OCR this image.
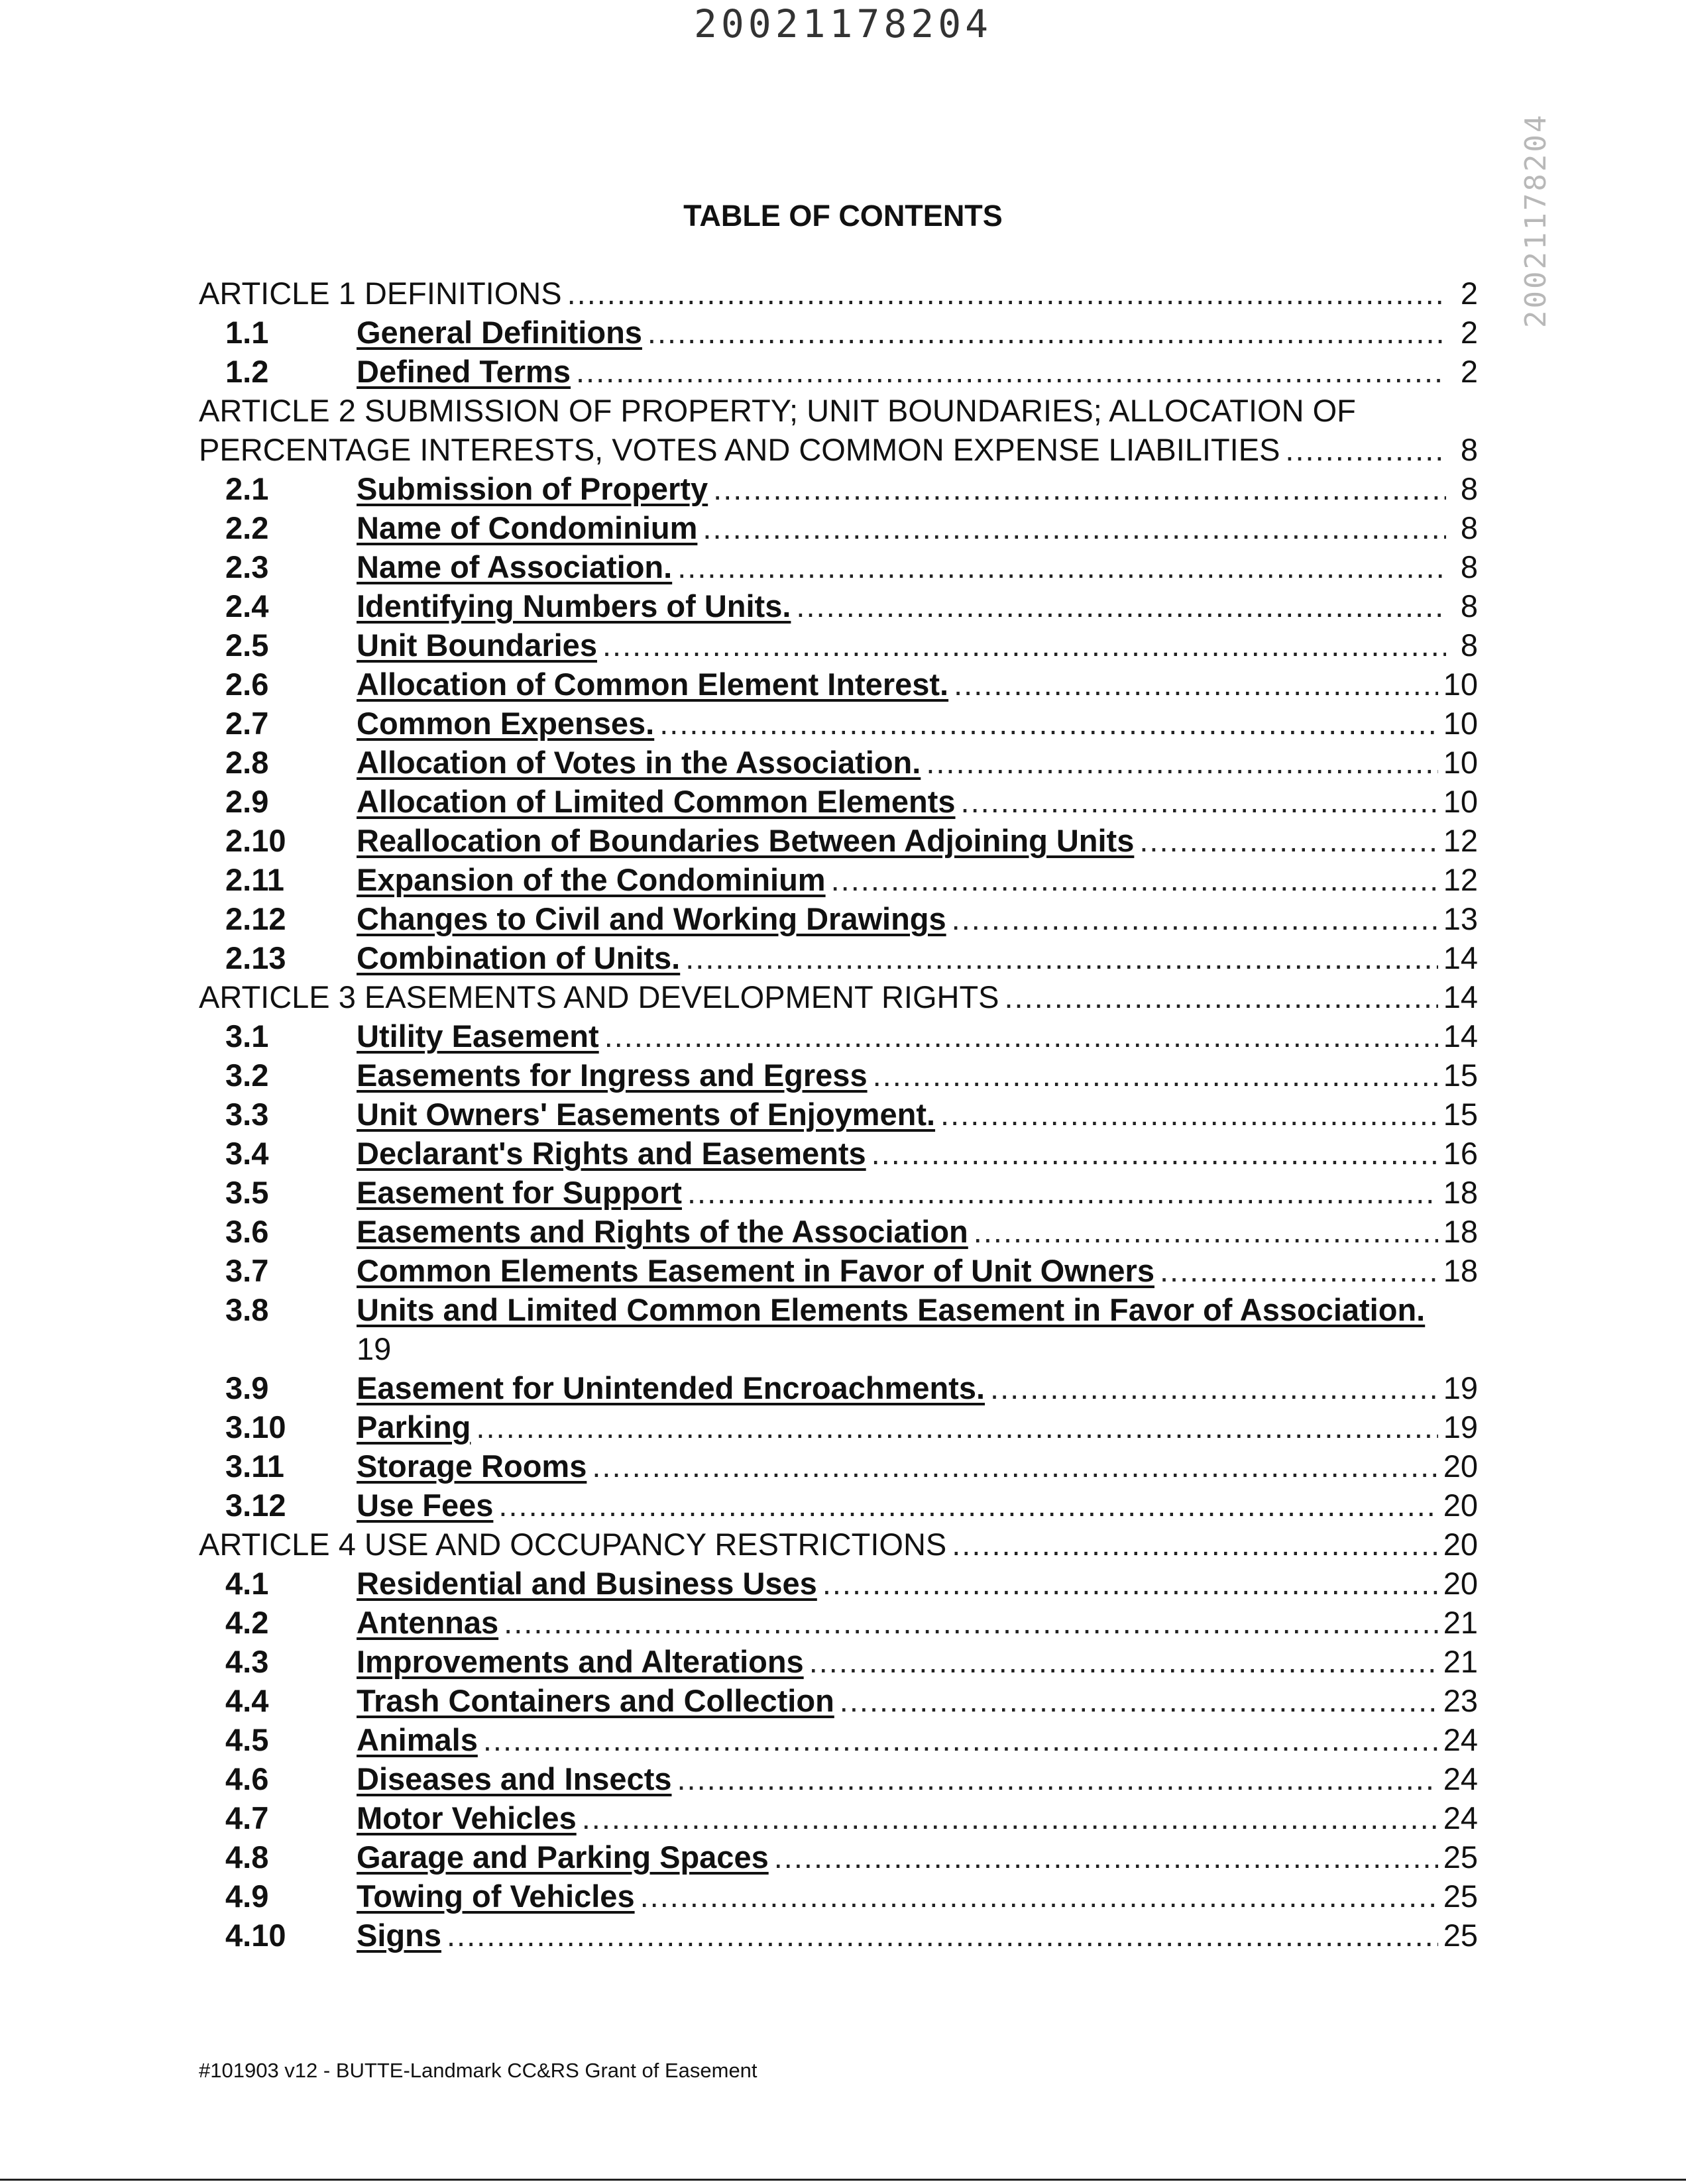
20021178204
20021178204
TABLE OF CONTENTS
ARTICLE 1 DEFINITIONS .....	2
1.1	General Definitions .....	2
1.2	Defined Terms .....	2
ARTICLE 2 SUBMISSION OF PROPERTY; UNIT BOUNDARIES; ALLOCATION OF
PERCENTAGE INTERESTS, VOTES AND COMMON EXPENSE LIABILITIES .....	8
2.1	Submission of Property .....	8
2.2	Name of Condominium .....	8
2.3	Name of Association. .....	8
2.4	Identifying Numbers of Units. .....	8
2.5	Unit Boundaries .....	8
2.6	Allocation of Common Element Interest. .....	10
2.7	Common Expenses. .....	10
2.8	Allocation of Votes in the Association. .....	10
2.9	Allocation of Limited Common Elements .....	10
2.10	Reallocation of Boundaries Between Adjoining Units .....	12
2.11	Expansion of the Condominium .....	12
2.12	Changes to Civil and Working Drawings .....	13
2.13	Combination of Units. .....	14
ARTICLE 3 EASEMENTS AND DEVELOPMENT RIGHTS .....	14
3.1	Utility Easement .....	14
3.2	Easements for Ingress and Egress .....	15
3.3	Unit Owners' Easements of Enjoyment. .....	15
3.4	Declarant's Rights and Easements .....	16
3.5	Easement for Support .....	18
3.6	Easements and Rights of the Association .....	18
3.7	Common Elements Easement in Favor of Unit Owners .....	18
3.8	Units and Limited Common Elements Easement in Favor of Association.
19
3.9	Easement for Unintended Encroachments. .....	19
3.10	Parking .....	19
3.11	Storage Rooms .....	20
3.12	Use Fees .....	20
ARTICLE 4 USE AND OCCUPANCY RESTRICTIONS .....	20
4.1	Residential and Business Uses .....	20
4.2	Antennas .....	21
4.3	Improvements and Alterations .....	21
4.4	Trash Containers and Collection .....	23
4.5	Animals .....	24
4.6	Diseases and Insects .....	24
4.7	Motor Vehicles .....	24
4.8	Garage and Parking Spaces .....	25
4.9	Towing of Vehicles .....	25
4.10	Signs .....	25
#101903 v12 - BUTTE-Landmark CC&RS Grant of Easement
